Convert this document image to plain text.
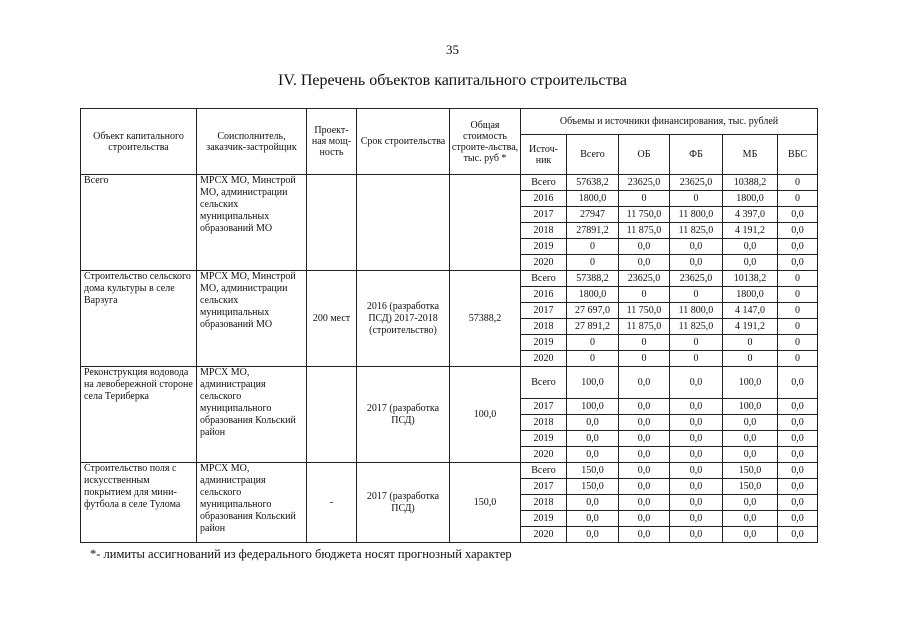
35
IV. Перечень объектов капитального строительства
Объект капитального строительства	Соисполнитель, заказчик-застройщик	Проект-ная мощ-ность	Срок строительства	Общая стоимость строите-льства, тыс. руб *	Объемы и источники финансирования, тыс. рублей					
					Источ-ник	Всего	ОБ	ФБ	МБ	ВБС
Всего	МРСХ МО, Минстрой МО, администрации сельских муниципальных образований МО				Всего	57638,2	23625,0	23625,0	10388,2	0
					2016	1800,0	0	0	1800,0	0
					2017	27947	11 750,0	11 800,0	4 397,0	0,0
					2018	27891,2	11 875,0	11 825,0	4 191,2	0,0
					2019	0	0,0	0,0	0,0	0,0
					2020	0	0,0	0,0	0,0	0,0
Строительство сельского дома культуры в селе Варзуга	МРСХ МО, Минстрой МО, администрации сельских муниципальных образований МО	200 мест	2016 (разработка ПСД) 2017-2018 (строительство)	57388,2	Всего	57388,2	23625,0	23625,0	10138,2	0
					2016	1800,0	0	0	1800,0	0
					2017	27 697,0	11 750,0	11 800,0	4 147,0	0
					2018	27 891,2	11 875,0	11 825,0	4 191,2	0
					2019	0	0	0	0	0
					2020	0	0	0	0	0
Реконструкция водовода на левобережной стороне села Териберка	МРСХ МО, администрация сельского муниципального образования Кольский район		2017 (разработка ПСД)	100,0	Всего	100,0	0,0	0,0	100,0	0,0
					2017	100,0	0,0	0,0	100,0	0,0
					2018	0,0	0,0	0,0	0,0	0,0
					2019	0,0	0,0	0,0	0,0	0,0
					2020	0,0	0,0	0,0	0,0	0,0
Строительство поля с искусственным покрытием для мини-футбола в селе Тулома	МРСХ МО, администрация сельского муниципального образования Кольский район	-	2017 (разработка ПСД)	150,0	Всего	150,0	0,0	0,0	150,0	0,0
					2017	150,0	0,0	0,0	150,0	0,0
					2018	0,0	0,0	0,0	0,0	0,0
					2019	0,0	0,0	0,0	0,0	0,0
					2020	0,0	0,0	0,0	0,0	0,0
*- лимиты ассигнований из федерального бюджета носят прогнозный характер
